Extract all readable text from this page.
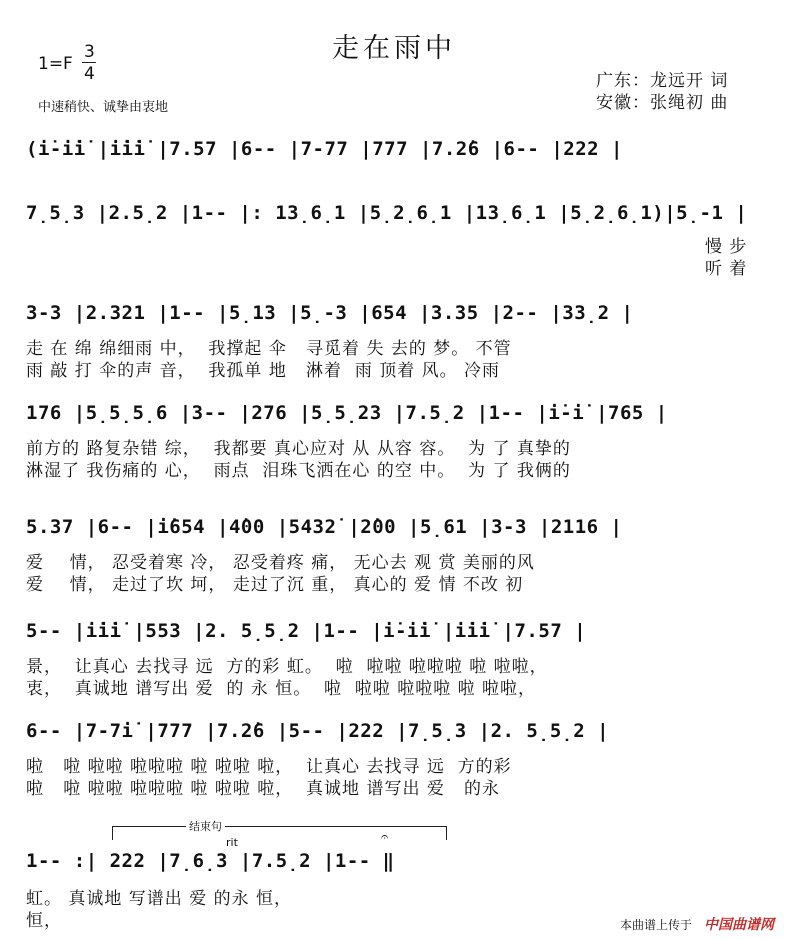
走在雨中
1=F
3
4
中速稍快、诚挚由衷地
广东：龙远开 词
安徽：张绳初 曲
(i̇-i̇i̇ |i̇i̇i̇ |7.57 |6-- |7-77 |777 |7.2̇6 |6-- |222 |
7̣5̣3 |2.5̣2 |1-- |: 13̣6̣1 |5̣2̣6̣1 |13̣6̣1 |5̣2̣6̣1)|5̣-1 |
慢 步
听 着
3-3 |2.321 |1-- |5̣13 |5̣-3 |654 |3.35 |2-- |33̣2 |
走 在 绵 绵细雨 中，  我撑起 伞   寻觅着 失 去的 梦。 不管
雨 敲 打 伞的声 音，  我孤单 地   淋着  雨 顶着 风。 冷雨
176 |5̣5̣5̣6 |3-- |276 |5̣5̣23 |7.5̣2 |1-- |i̇-i̇ |765 |
前方的 路复杂错 综，  我都要 真心应对 从 从容 容。  为 了 真挚的
淋湿了 我伤痛的 心，  雨点  泪珠飞洒在心 的空 中。  为 了 我俩的
5.37 |6-- |i̇654 |4̇00 |5432̇ |2̇00 |5̣61 |3-3 |2116 |
爱    情， 忍受着寒 冷， 忍受着疼 痛， 无心去 观 赏 美丽的风
爱    情， 走过了坎 坷， 走过了沉 重， 真心的 爱 情 不改 初
5-- |i̇i̇i̇ |553 |2. 5̣5̣2 |1-- |i̇-i̇i̇ |i̇i̇i̇ |7.57 |
景，  让真心 去找寻 远  方的彩 虹。  啦  啦啦 啦啦啦 啦 啦啦，
衷，  真诚地 谱写出 爱  的 永 恒。  啦  啦啦 啦啦啦 啦 啦啦，
6-- |7-7i̇ |777 |7.2̇6 |5-- |222 |7̣5̣3 |2. 5̣5̣2 |
啦   啦 啦啦 啦啦啦 啦 啦啦 啦，  让真心 去找寻 远  方的彩
啦   啦 啦啦 啦啦啦 啦 啦啦 啦，  真诚地 谱写出 爱   的永
结束句
rit	𝄐
1-- :| 222 |7̣6̣3 |7.5̣2 |1-- ‖
虹。 真诚地 写谱出 爱 的永 恒，
恒，	本曲谱上传于 中国曲谱网
